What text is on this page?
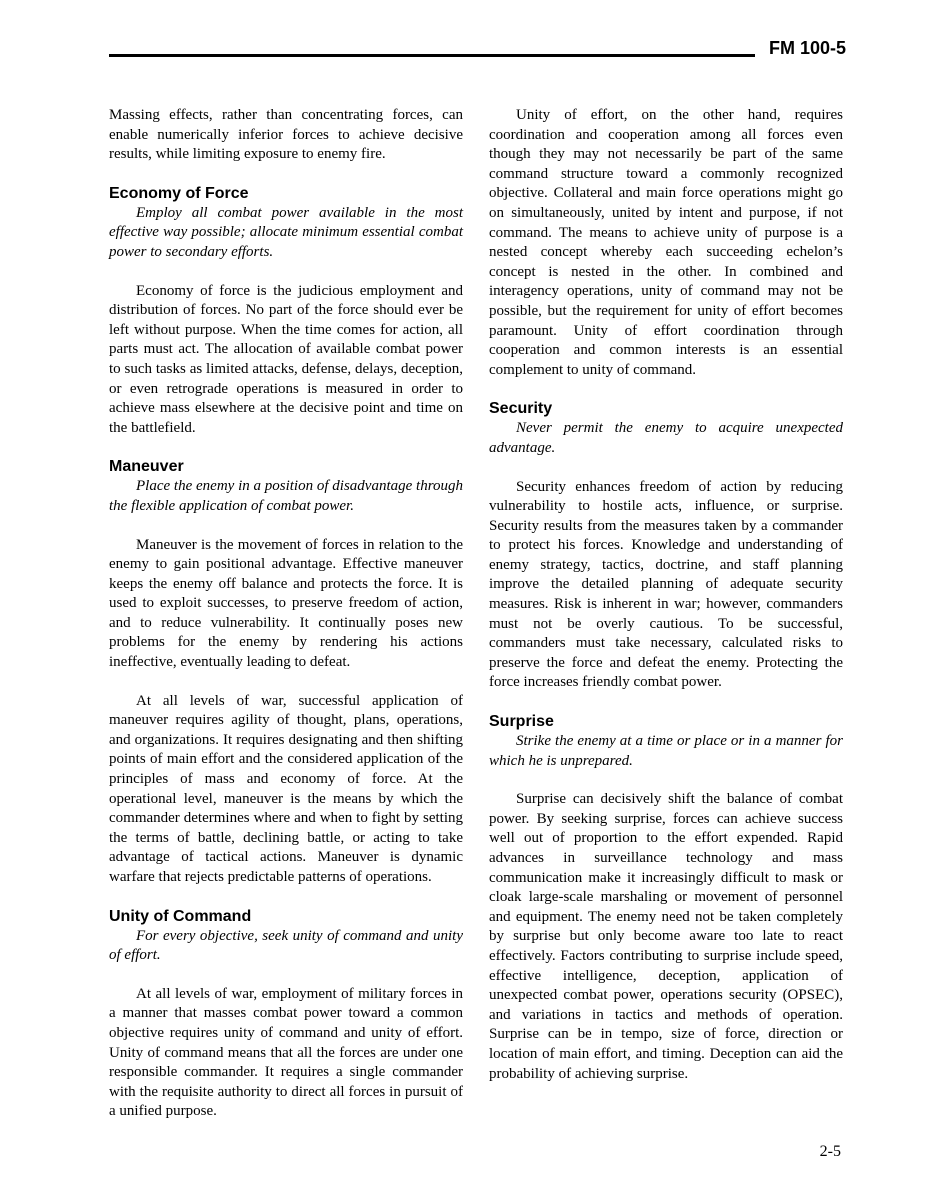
FM 100-5

Massing effects, rather than concentrating forces, can enable numerically inferior forces to achieve decisive results, while limiting exposure to enemy fire.

Economy of Force

Employ all combat power available in the most effective way possible; allocate minimum essential combat power to secondary efforts.

Economy of force is the judicious employment and distribution of forces. No part of the force should ever be left without purpose. When the time comes for action, all parts must act. The allocation of available combat power to such tasks as limited attacks, defense, delays, deception, or even retrograde operations is measured in order to achieve mass elsewhere at the decisive point and time on the battlefield.

Maneuver

Place the enemy in a position of disadvantage through the flexible application of combat power.

Maneuver is the movement of forces in relation to the enemy to gain positional advantage. Effective maneuver keeps the enemy off balance and protects the force. It is used to exploit successes, to preserve freedom of action, and to reduce vulnerability. It continually poses new problems for the enemy by rendering his actions ineffective, eventually leading to defeat.

At all levels of war, successful application of maneuver requires agility of thought, plans, operations, and organizations. It requires designating and then shifting points of main effort and the considered application of the principles of mass and economy of force. At the operational level, maneuver is the means by which the commander determines where and when to fight by setting the terms of battle, declining battle, or acting to take advantage of tactical actions. Maneuver is dynamic warfare that rejects predictable patterns of operations.

Unity of Command

For every objective, seek unity of command and unity of effort.

At all levels of war, employment of military forces in a manner that masses combat power toward a common objective requires unity of command and unity of effort. Unity of command means that all the forces are under one responsible commander. It requires a single commander with the requisite authority to direct all forces in pursuit of a unified purpose.

Unity of effort, on the other hand, requires coordination and cooperation among all forces even though they may not necessarily be part of the same command structure toward a commonly recognized objective. Collateral and main force operations might go on simultaneously, united by intent and purpose, if not command. The means to achieve unity of purpose is a nested concept whereby each succeeding echelon’s concept is nested in the other. In combined and interagency operations, unity of command may not be possible, but the requirement for unity of effort becomes paramount. Unity of effort coordination through cooperation and common interests is an essential complement to unity of command.

Security

Never permit the enemy to acquire unexpected advantage.

Security enhances freedom of action by reducing vulnerability to hostile acts, influence, or surprise. Security results from the measures taken by a commander to protect his forces. Knowledge and understanding of enemy strategy, tactics, doctrine, and staff planning improve the detailed planning of adequate security measures. Risk is inherent in war; however, commanders must not be overly cautious. To be successful, commanders must take necessary, calculated risks to preserve the force and defeat the enemy. Protecting the force increases friendly combat power.

Surprise

Strike the enemy at a time or place or in a manner for which he is unprepared.

Surprise can decisively shift the balance of combat power. By seeking surprise, forces can achieve success well out of proportion to the effort expended. Rapid advances in surveillance technology and mass communication make it increasingly difficult to mask or cloak large-scale marshaling or movement of personnel and equipment. The enemy need not be taken completely by surprise but only become aware too late to react effectively. Factors contributing to surprise include speed, effective intelligence, deception, application of unexpected combat power, operations security (OPSEC), and variations in tactics and methods of operation. Surprise can be in tempo, size of force, direction or location of main effort, and timing. Deception can aid the probability of achieving surprise.

2-5
